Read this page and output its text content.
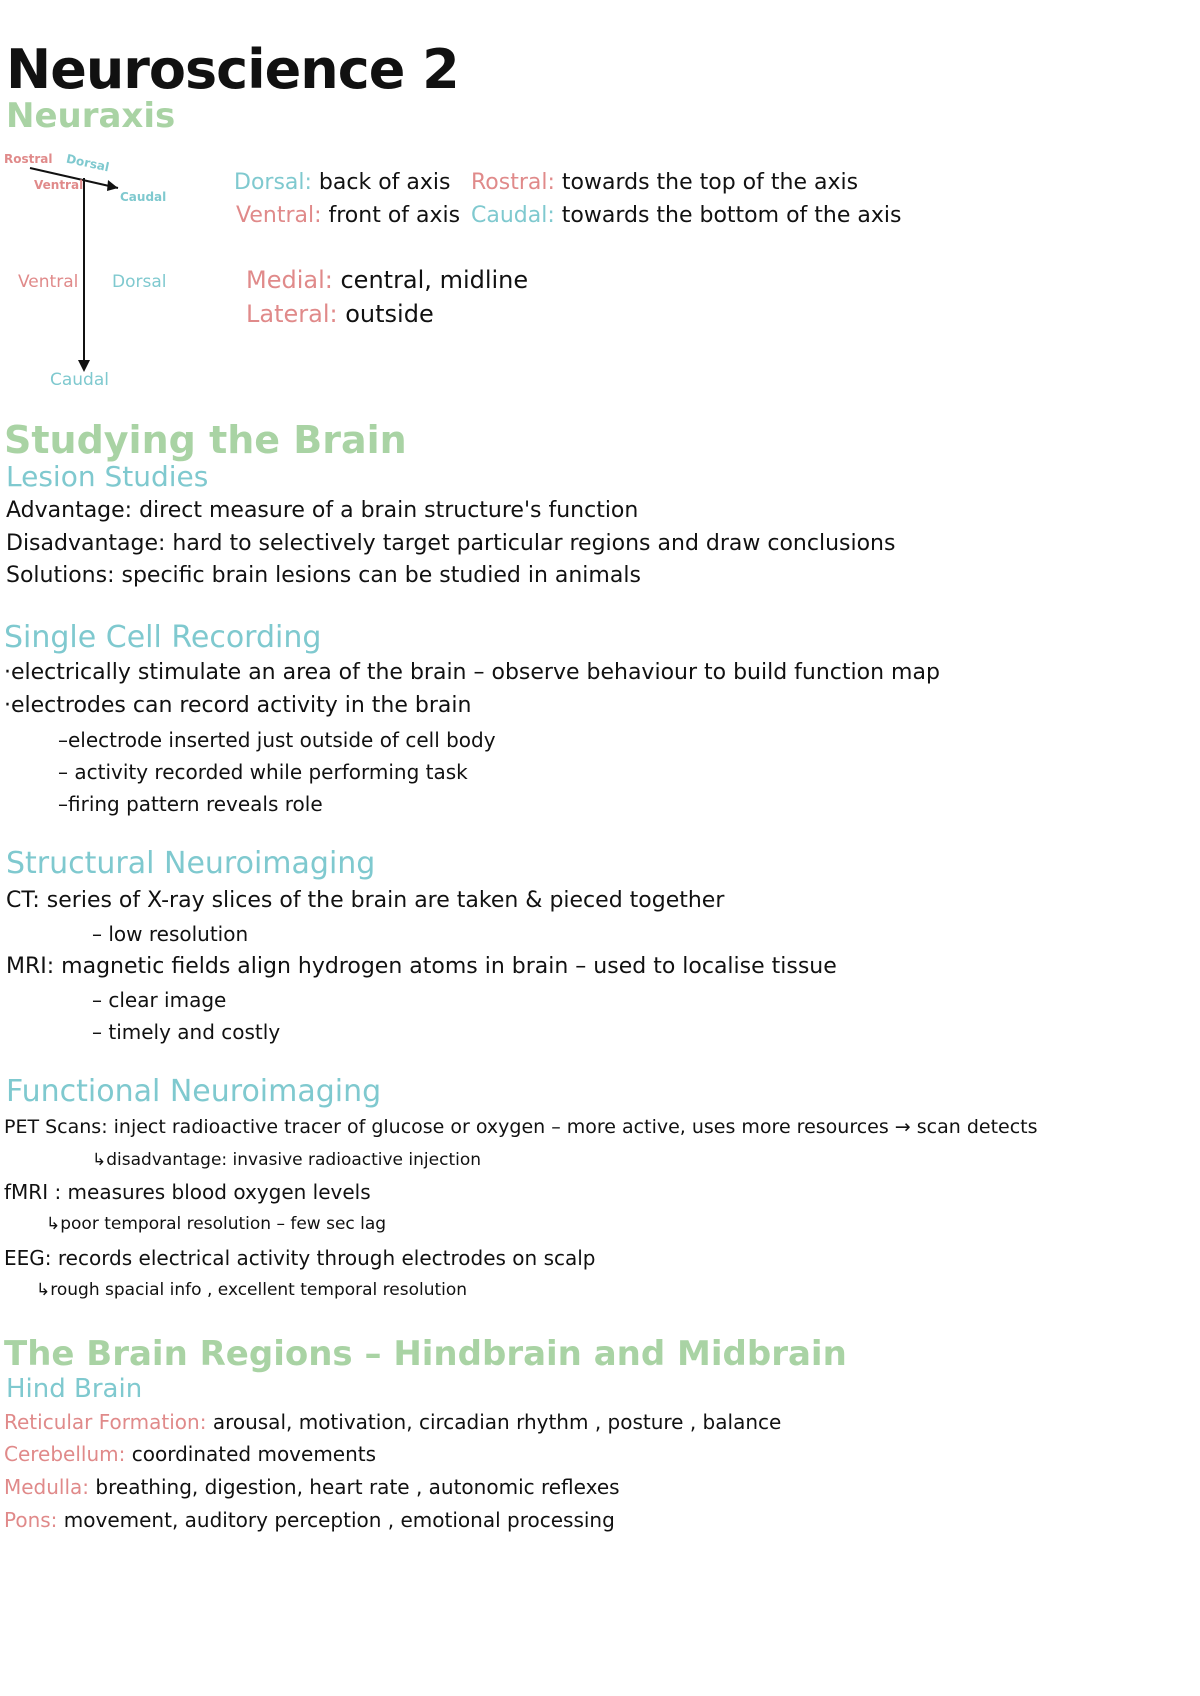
Neuroscience 2
Neuraxis
Rostral Dorsal
Ventral
Caudal
Ventral Dorsal
Caudal
Dorsal: back of axis
Ventral: front of axis
Rostral: towards the top of the axis
Caudal: towards the bottom of the axis
Medial: central, midline
Lateral: outside
Studying the Brain
Lesion Studies
Advantage: direct measure of a brain structure's function
Disadvantage: hard to selectively target particular regions and draw conclusions
Solutions: specific brain lesions can be studied in animals
Single Cell Recording
·electrically stimulate an area of the brain – observe behaviour to build function map
·electrodes can record activity in the brain
–electrode inserted just outside of cell body
– activity recorded while performing task
–firing pattern reveals role
Structural Neuroimaging
CT: series of X-ray slices of the brain are taken & pieced together
– low resolution
MRI: magnetic fields align hydrogen atoms in brain – used to localise tissue
– clear image
– timely and costly
Functional Neuroimaging
PET Scans: inject radioactive tracer of glucose or oxygen – more active, uses more resources → scan detects
↳disadvantage: invasive radioactive injection
fMRI : measures blood oxygen levels
↳poor temporal resolution – few sec lag
EEG: records electrical activity through electrodes on scalp
↳rough spacial info , excellent temporal resolution
The Brain Regions – Hindbrain and Midbrain
Hind Brain
Reticular Formation: arousal, motivation, circadian rhythm , posture , balance
Cerebellum: coordinated movements
Medulla: breathing, digestion, heart rate , autonomic reflexes
Pons: movement, auditory perception , emotional processing
